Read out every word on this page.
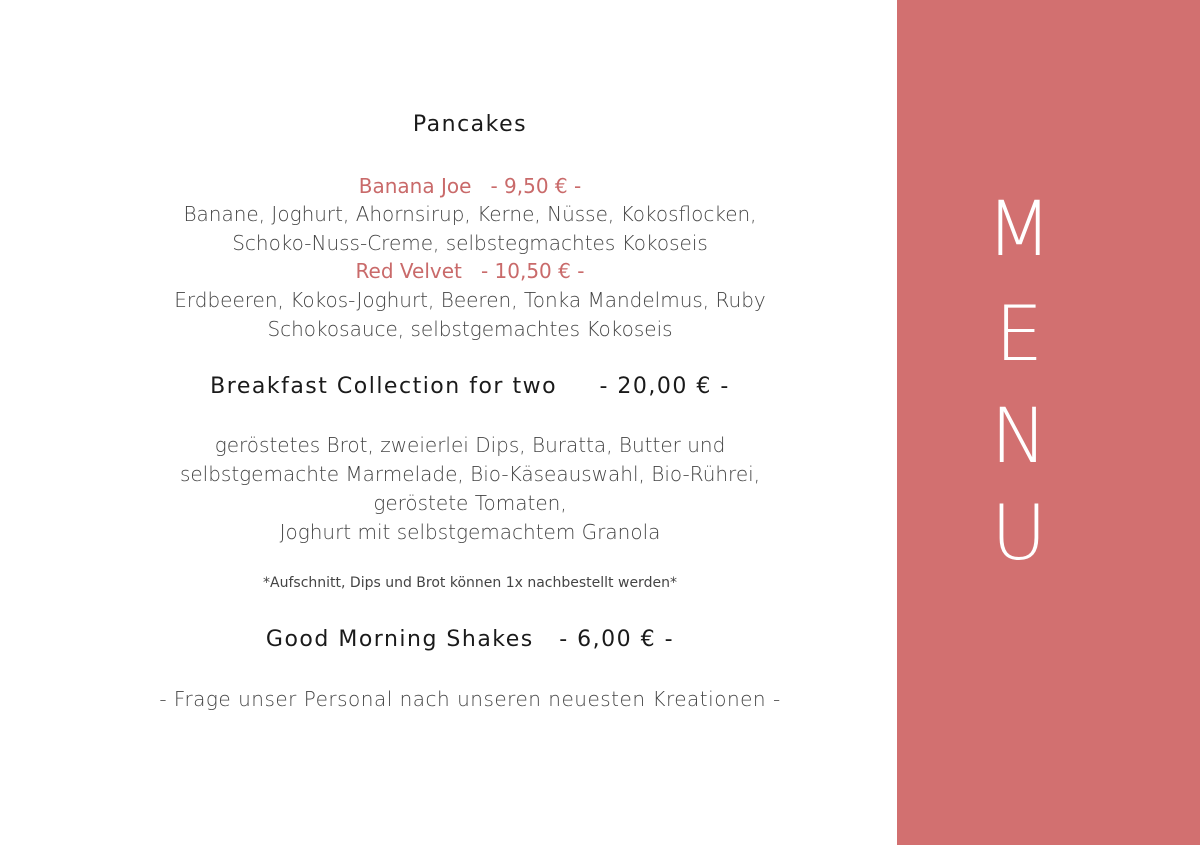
Pancakes
Banana Joe   - 9,50 € -
Banane, Joghurt, Ahornsirup, Kerne, Nüsse, Kokosflocken,
Schoko-Nuss-Creme, selbstegmachtes Kokoseis
Red Velvet   - 10,50 € -
Erdbeeren, Kokos-Joghurt, Beeren, Tonka Mandelmus, Ruby
Schokosauce, selbstgemachtes Kokoseis
Breakfast Collection for two     - 20,00 € -
geröstetes Brot, zweierlei Dips, Buratta, Butter und
selbstgemachte Marmelade, Bio-Käseauswahl, Bio-Rührei,
geröstete Tomaten,
Joghurt mit selbstgemachtem Granola
*Aufschnitt, Dips und Brot können 1x nachbestellt werden*
Good Morning Shakes   - 6,00 € -
- Frage unser Personal nach unseren neuesten Kreationen -
M
E
N
U
